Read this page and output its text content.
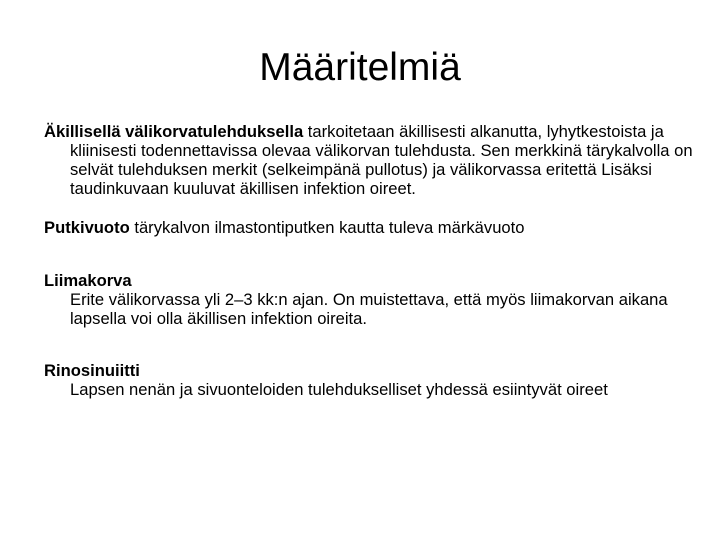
Määritelmiä
Äkillisellä välikorvatulehduksella tarkoitetaan äkillisesti alkanutta, lyhytkestoista ja kliinisesti todennettavissa olevaa välikorvan tulehdusta. Sen merkkinä tärykalvolla on selvät tulehduksen merkit (selkeimpänä pullotus) ja välikorvassa eritettä Lisäksi taudinkuvaan kuuluvat äkillisen infektion oireet.
Putkivuoto tärykalvon ilmastontiputken kautta tuleva märkävuoto
Liimakorva
Erite välikorvassa yli 2–3 kk:n ajan. On muistettava, että myös liimakorvan aikana lapsella voi olla äkillisen infektion oireita.
Rinosinuiitti
Lapsen nenän ja sivuonteloiden tulehdukselliset yhdessä esiintyvät oireet
